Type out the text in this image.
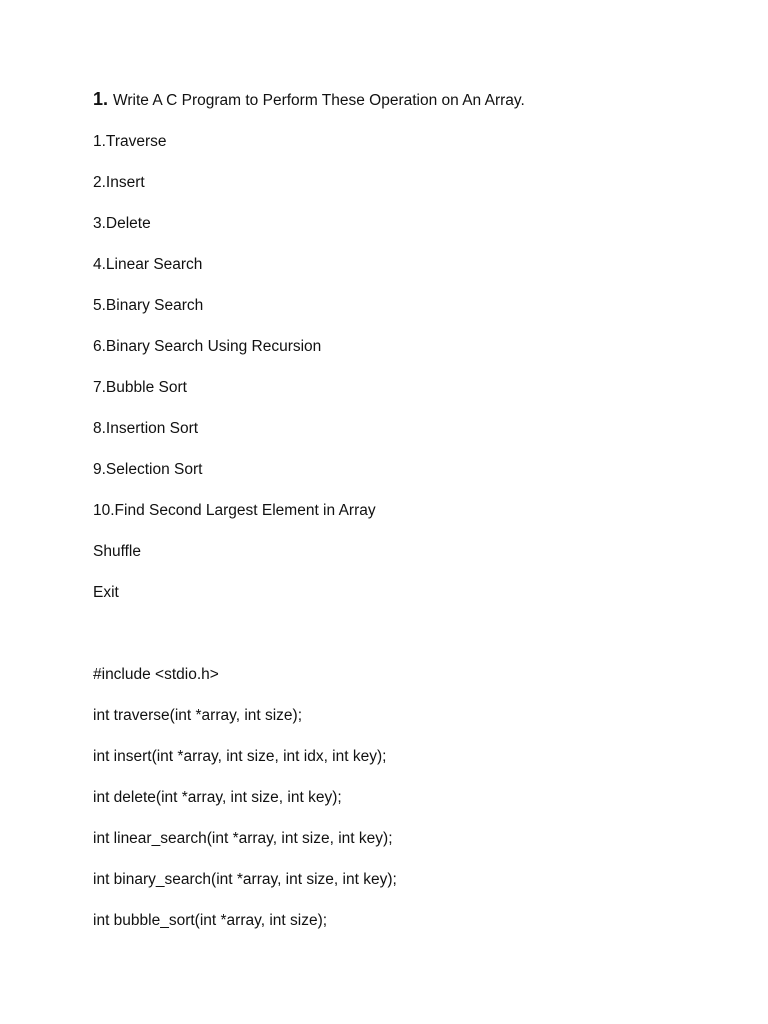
1. Write A C Program to Perform These Operation on An Array.
1.Traverse
2.Insert
3.Delete
4.Linear Search
5.Binary Search
6.Binary Search Using Recursion
7.Bubble Sort
8.Insertion Sort
9.Selection Sort
10.Find Second Largest Element in Array
Shuffle
Exit
#include <stdio.h>
int traverse(int *array, int size);
int insert(int *array, int size, int idx, int key);
int delete(int *array, int size, int key);
int linear_search(int *array, int size, int key);
int binary_search(int *array, int size, int key);
int bubble_sort(int *array, int size);
